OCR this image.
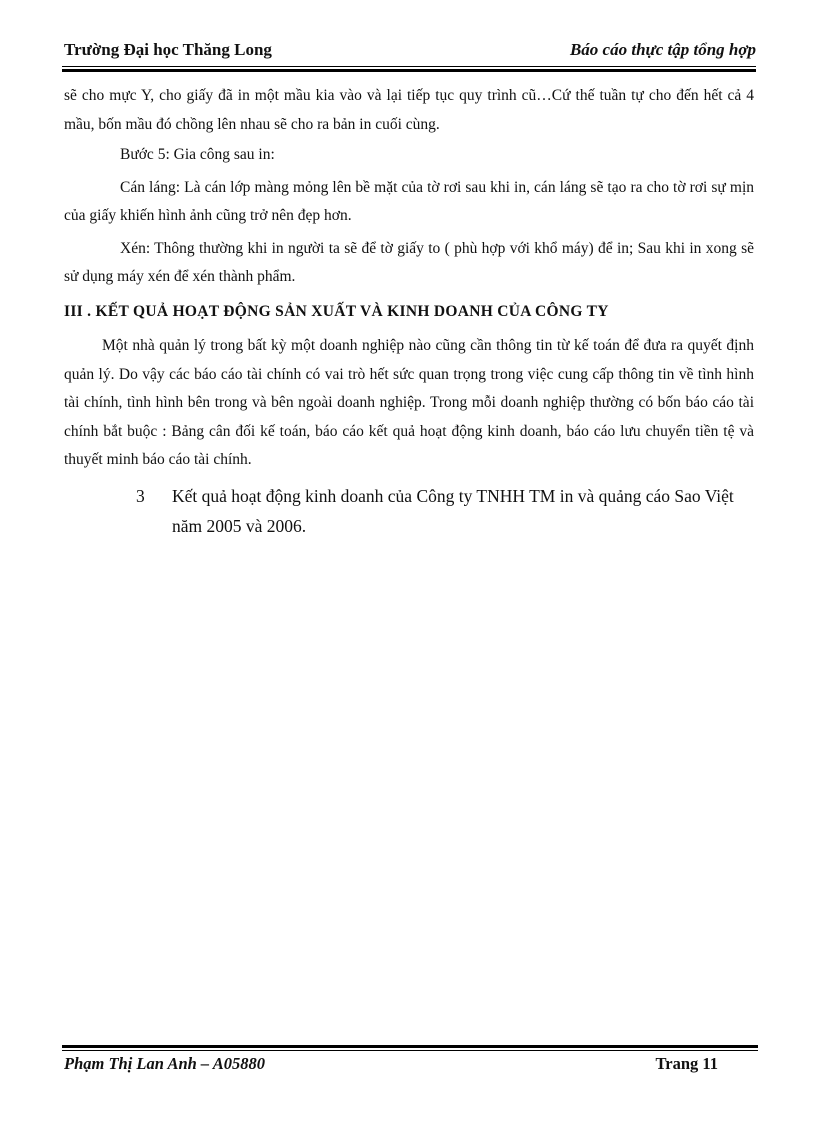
Trường Đại học Thăng Long	Báo cáo thực tập tổng hợp

sẽ cho mực Y, cho giấy đã in một mầu kia vào và lại tiếp tục quy trình cũ…Cứ thế tuần tự cho đến hết cả 4 mầu, bốn mầu đó chồng lên nhau sẽ cho ra bản in cuối cùng.

Bước 5: Gia công sau in:

Cán láng: Là cán lớp màng mỏng lên bề mặt của tờ rơi sau khi in, cán láng sẽ tạo ra cho tờ rơi sự mịn của giấy khiến hình ảnh cũng trở nên đẹp hơn.

Xén: Thông thường khi in người ta sẽ để tờ giấy to ( phù hợp với khổ máy) để in; Sau khi in xong sẽ sử dụng máy xén để xén thành phẩm.

III . KẾT QUẢ HOẠT ĐỘNG SẢN XUẤT VÀ KINH DOANH CỦA CÔNG TY

Một nhà quản lý trong bất kỳ một doanh nghiệp nào cũng cần thông tin từ kế toán để đưa ra quyết định quản lý. Do vậy các báo cáo tài chính có vai trò hết sức quan trọng trong việc cung cấp thông tin về tình hình tài chính, tình hình bên trong và bên ngoài doanh nghiệp. Trong mỗi doanh nghiệp thường có bốn báo cáo tài chính bắt buộc : Bảng cân đối kế toán, báo cáo kết quả hoạt động kinh doanh, báo cáo lưu chuyển tiền tệ và thuyết minh báo cáo tài chính.

3 Kết quả hoạt động kinh doanh của Công ty TNHH TM in và quảng cáo Sao Việt năm 2005 và 2006.

Phạm Thị Lan Anh – A05880	Trang 11
